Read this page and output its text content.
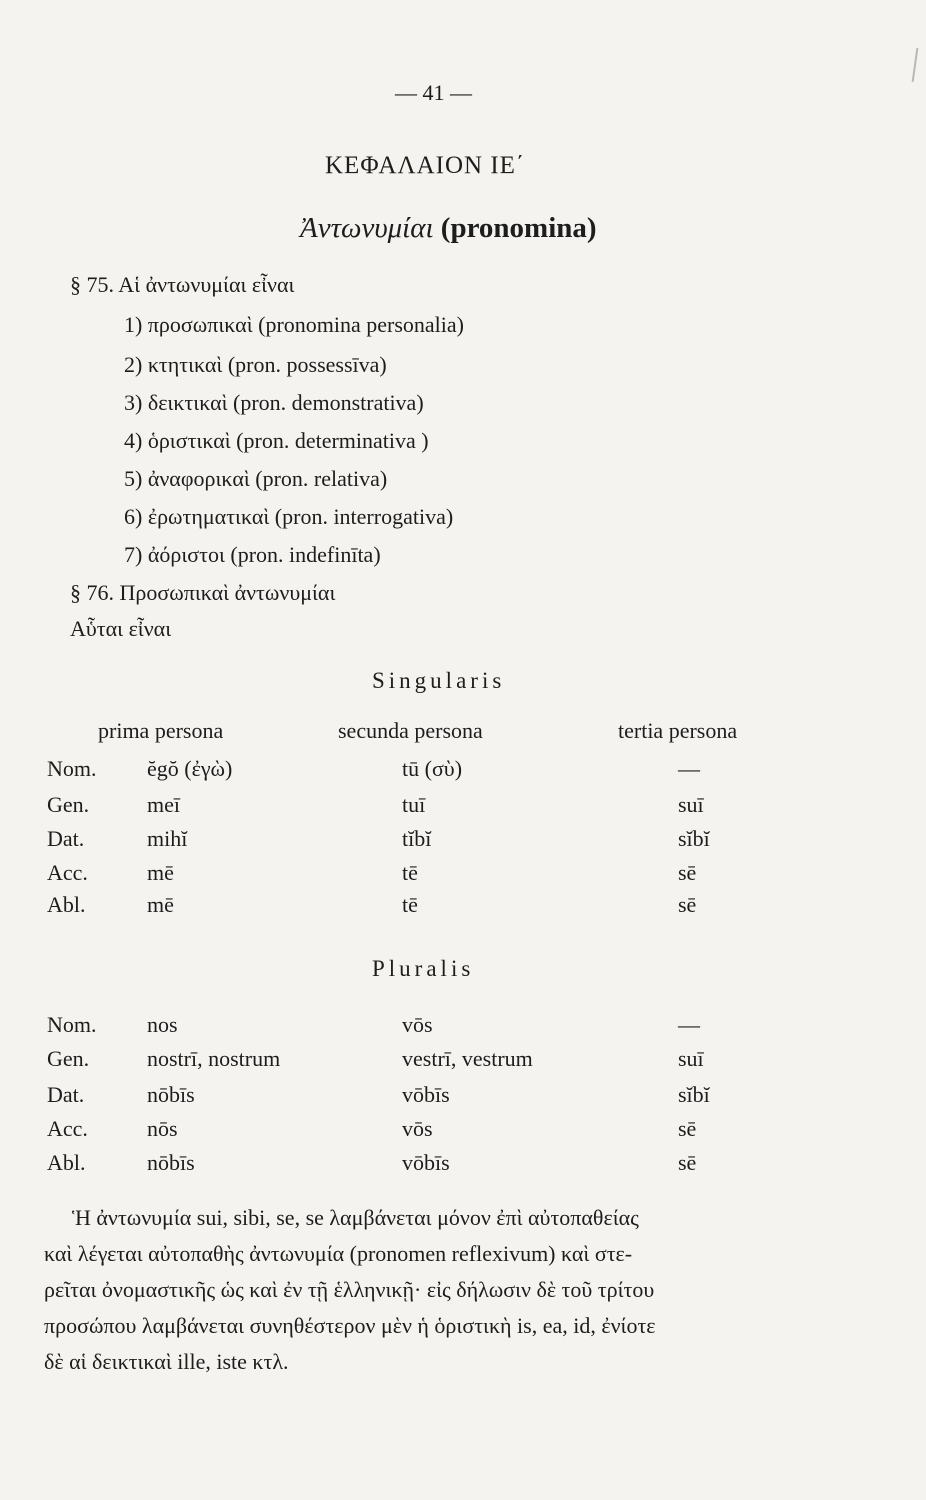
— 41 —
ΚΕΦΑΛΑΙΟΝ ΙΕ΄
Ἀντωνυμίαι (pronomina)
§ 75. Αἱ ἀντωνυμίαι εἶναι
1) προσωπικαὶ (pronomina personalia)
2) κτητικαὶ (pron. possessīva)
3) δεικτικαὶ (pron. demonstrativa)
4) ὁριστικαὶ (pron. determinativa )
5) ἀναφορικαὶ (pron. relativa)
6) ἐρωτηματικαὶ (pron. interrogativa)
7) ἀόριστοι (pron. indefinīta)
§ 76. Προσωπικαὶ ἀντωνυμίαι
Αὗται εἶναι
Singularis
prima persona	secunda persona	tertia persona
Nom. ĕgŏ (ἐγὼ)	tū (σὺ)	—
Gen.	meī	tuī	suī
Dat.	mihĭ	tĭbĭ	sĭbĭ
Acc.	mē	tē	sē
Abl.	mē	tē	sē
Pluralis
Nom. nos	vōs	—
Gen.	nostrī, nostrum	vestrī, vestrum	suī
Dat.	nōbīs	vōbīs	sĭbĭ
Acc.	nōs	vōs	sē
Abl.	nōbīs	vōbīs	sē
Ἡ ἀντωνυμία sui, sibi, se, se λαμβάνεται μόνον ἐπὶ αὐτοπαθείας
καὶ λέγεται αὐτοπαθὴς ἀντωνυμία (pronomen reflexivum) καὶ στε-
ρεῖται ὀνομαστικῆς ὡς καὶ ἐν τῇ ἑλληνικῇ· εἰς δήλωσιν δὲ τοῦ τρίτου
προσώπου λαμβάνεται συνηθέστερον μὲν ἡ ὁριστικὴ is, ea, id, ἐνίοτε
δὲ αἱ δεικτικαὶ ille, iste κτλ.
